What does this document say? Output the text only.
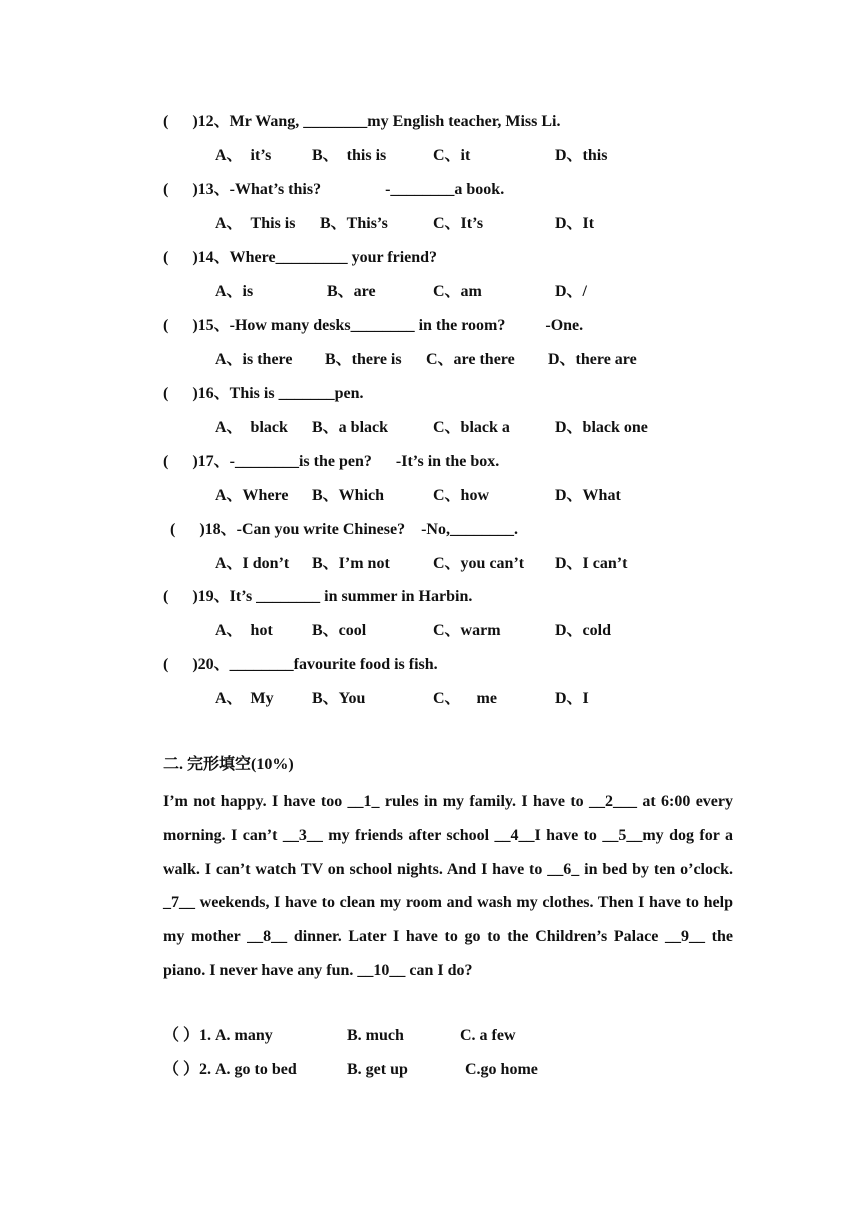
(      )12、Mr Wang, ________my English teacher, Miss Li.
A、  it’s	B、  this is	C、it	D、this
(      )13、-What’s this?                -________a book.
A、  This is B、This’s	C、It’s	D、It
(      )14、Where_________ your friend?
A、is	B、are	C、am	D、/
(      )15、-How many desks________ in the room?          -One.
A、is there B、there is C、are there D、there are
(      )16、This is _______pen.
A、  black B、a black	C、black a	D、black one
(      )17、-________is the pen?      -It’s in the box.
A、Where B、Which	C、how	D、What
(      )18、-Can you write Chinese?    -No,________.
A、I don’t B、I’m not	C、you can’t D、I can’t
(      )19、It’s ________ in summer in Harbin.
A、  hot B、cool	C、warm	D、cold
(      )20、________favourite food is fish.
A、  My B、You	C、    me	D、I
二. 完形填空(10%)
I’m not happy. I have too __1_ rules in my family. I have to __2___ at 6:00 every morning. I can’t __3__ my friends after school __4__I have to __5__my dog for a walk. I can’t watch TV on school nights. And I have to __6_ in bed by ten o’clock. _7__ weekends, I have to clean my room and wash my clothes. Then I have to help my mother __8__ dinner. Later I have to go to the Children’s Palace __9__ the piano. I never have any fun. __10__ can I do?
（ ）1. A. many	B. much	C. a few
（ ）2. A. go to bed	B. get up	C.go home
